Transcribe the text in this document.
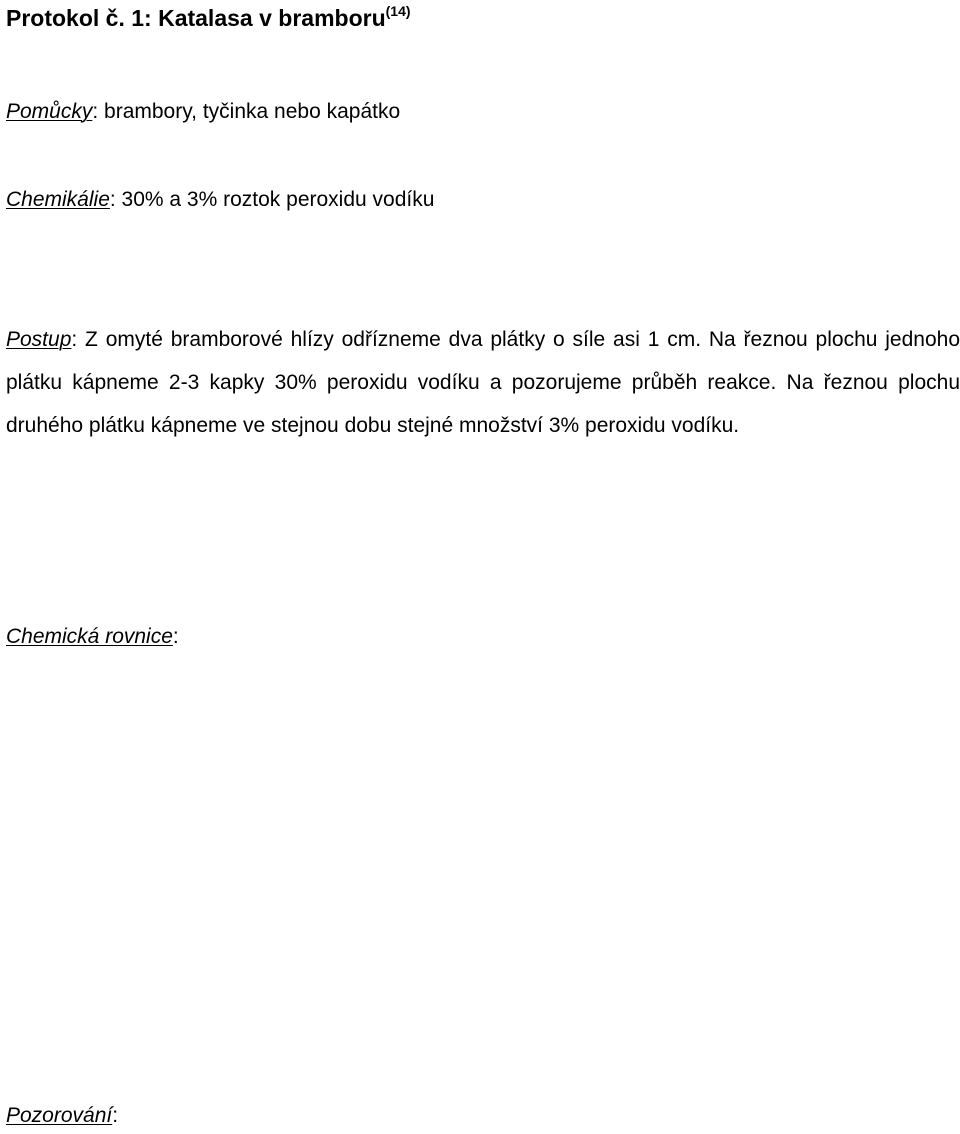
Protokol č. 1: Katalasa v bramboru$^{(14)}$

Pomůcky: brambory, tyčinka nebo kapátko

Chemikálie: 30% a 3% roztok peroxidu vodíku

Postup: Z omyté bramborové hlízy odřízneme dva plátky o síle asi 1 cm. Na řeznou plochu jednoho plátku kápneme 2-3 kapky 30% peroxidu vodíku a pozorujeme průběh reakce. Na řeznou plochu druhého plátku kápneme ve stejnou dobu stejné množství 3% peroxidu vodíku.

Chemická rovnice:

Pozorování:
